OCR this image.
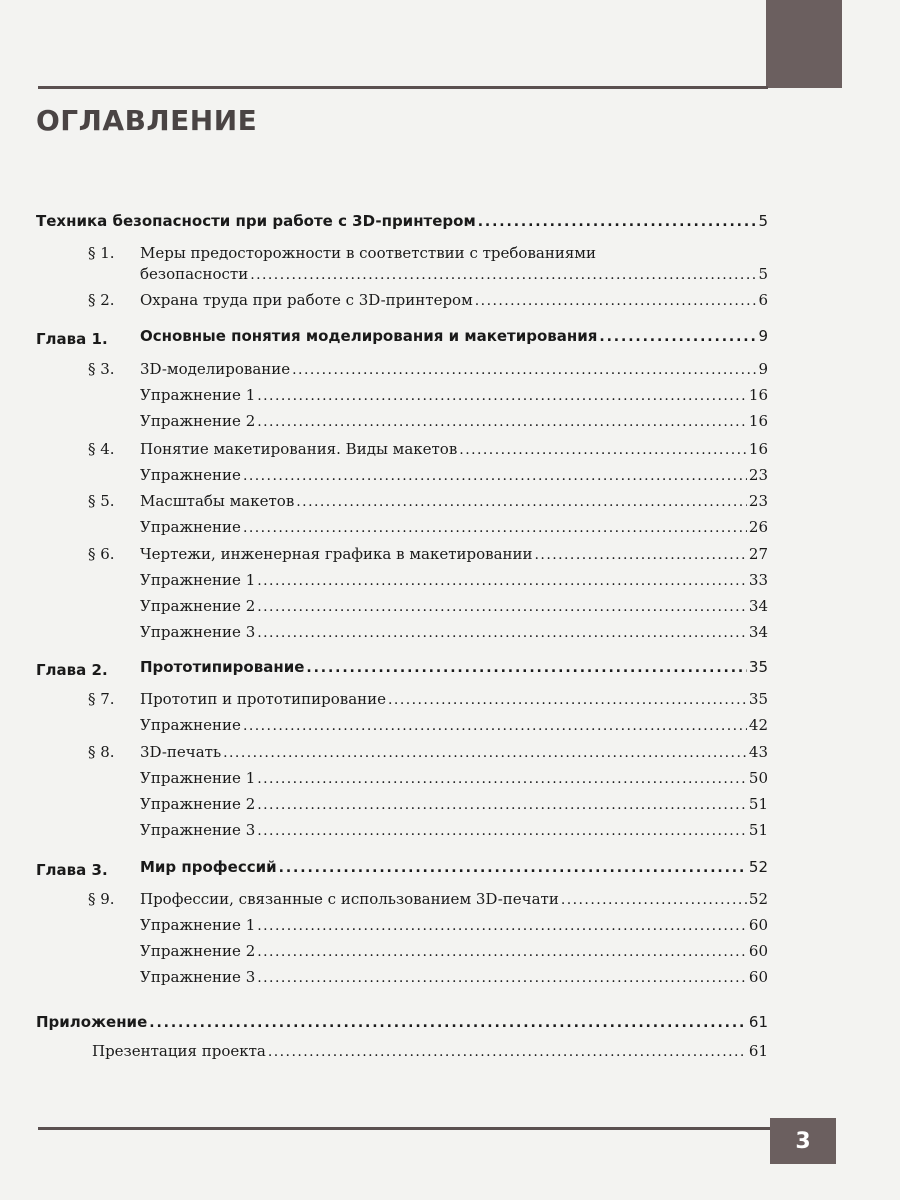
ОГЛАВЛЕНИЕ
Техника безопасности при работе с 3D-принтером . . .	5
§ 1. Меры предосторожности в соответствии с требованиями
безопасности . . .	5
§ 2. Охрана труда при работе с 3D-принтером . . .	6
Глава 1. Основные понятия моделирования и макетирования . . .	9
§ 3. 3D-моделирование . . .	9
Упражнение 1 . . .	16
Упражнение 2 . . .	16
§ 4. Понятие макетирования. Виды макетов . . .	16
Упражнение . . .	23
§ 5. Масштабы макетов . . .	23
Упражнение . . .	26
§ 6. Чертежи, инженерная графика в макетировании . . .	27
Упражнение 1 . . .	33
Упражнение 2 . . .	34
Упражнение 3 . . .	34
Глава 2. Прототипирование . . .	35
§ 7. Прототип и прототипирование . . .	35
Упражнение . . .	42
§ 8. 3D-печать . . .	43
Упражнение 1 . . .	50
Упражнение 2 . . .	51
Упражнение 3 . . .	51
Глава 3. Мир профессий . . .	52
§ 9. Профессии, связанные с использованием 3D-печати . . .	52
Упражнение 1 . . .	60
Упражнение 2 . . .	60
Упражнение 3 . . .	60
Приложение . . .	61
Презентация проекта . . .	61
3
